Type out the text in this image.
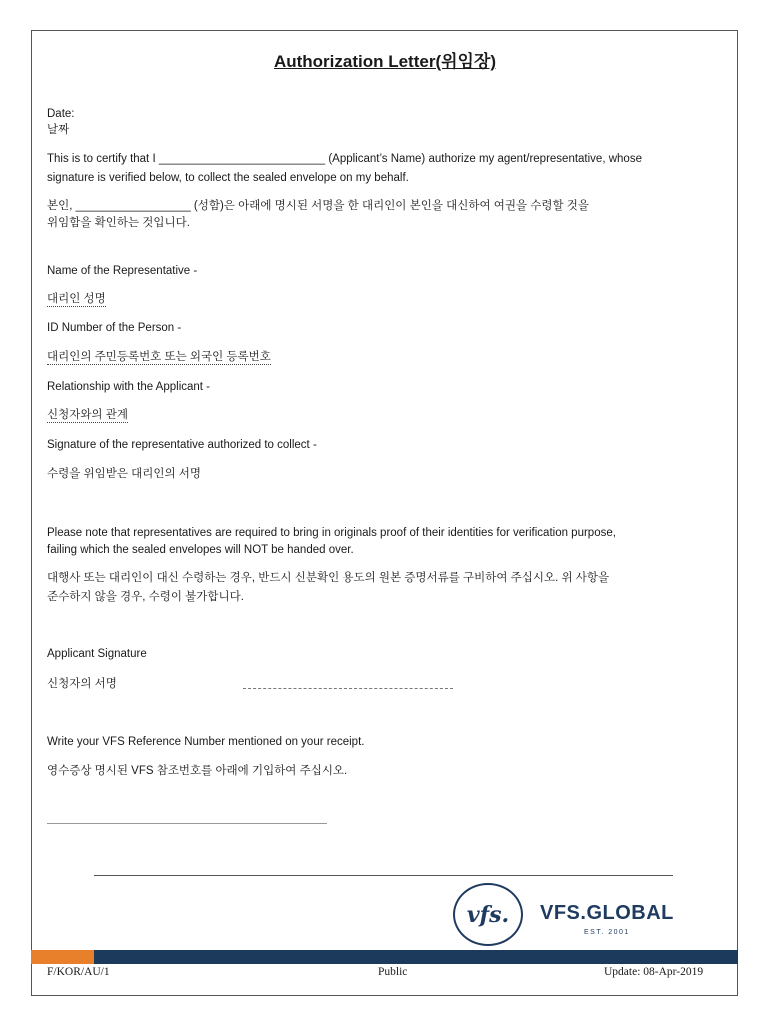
Authorization Letter(위임장)
Date:
날짜
This is to certify that I __________________________ (Applicant’s Name) authorize my agent/representative, whose
signature is verified below, to collect the sealed envelope on my behalf.
본인, __________________ (성함)은 아래에 명시된 서명을 한 대리인이 본인을 대신하여 여권을 수령할 것을
위임함을 확인하는 것입니다.
Name of the Representative -
대리인 성명
ID Number of the Person -
대리인의 주민등록번호 또는 외국인 등록번호
Relationship with the Applicant -
신청자와의 관계
Signature of the representative authorized to collect -
수령을 위임받은 대리인의 서명
Please note that representatives are required to bring in originals proof of their identities for verification purpose,
failing which the sealed envelopes will NOT be handed over.
대행사 또는 대리인이 대신 수령하는 경우, 반드시 신분확인 용도의 원본 증명서류를 구비하여 주십시오. 위 사항을
준수하지 않을 경우, 수령이 불가합니다.
Applicant Signature
신청자의 서명
Write your VFS Reference Number mentioned on your receipt.
영수증상 명시된 VFS 참조번호를 아래에 기입하여 주십시오.
vfs. VFS.GLOBAL
EST. 2001
F/KOR/AU/1	Public	Update: 08-Apr-2019
